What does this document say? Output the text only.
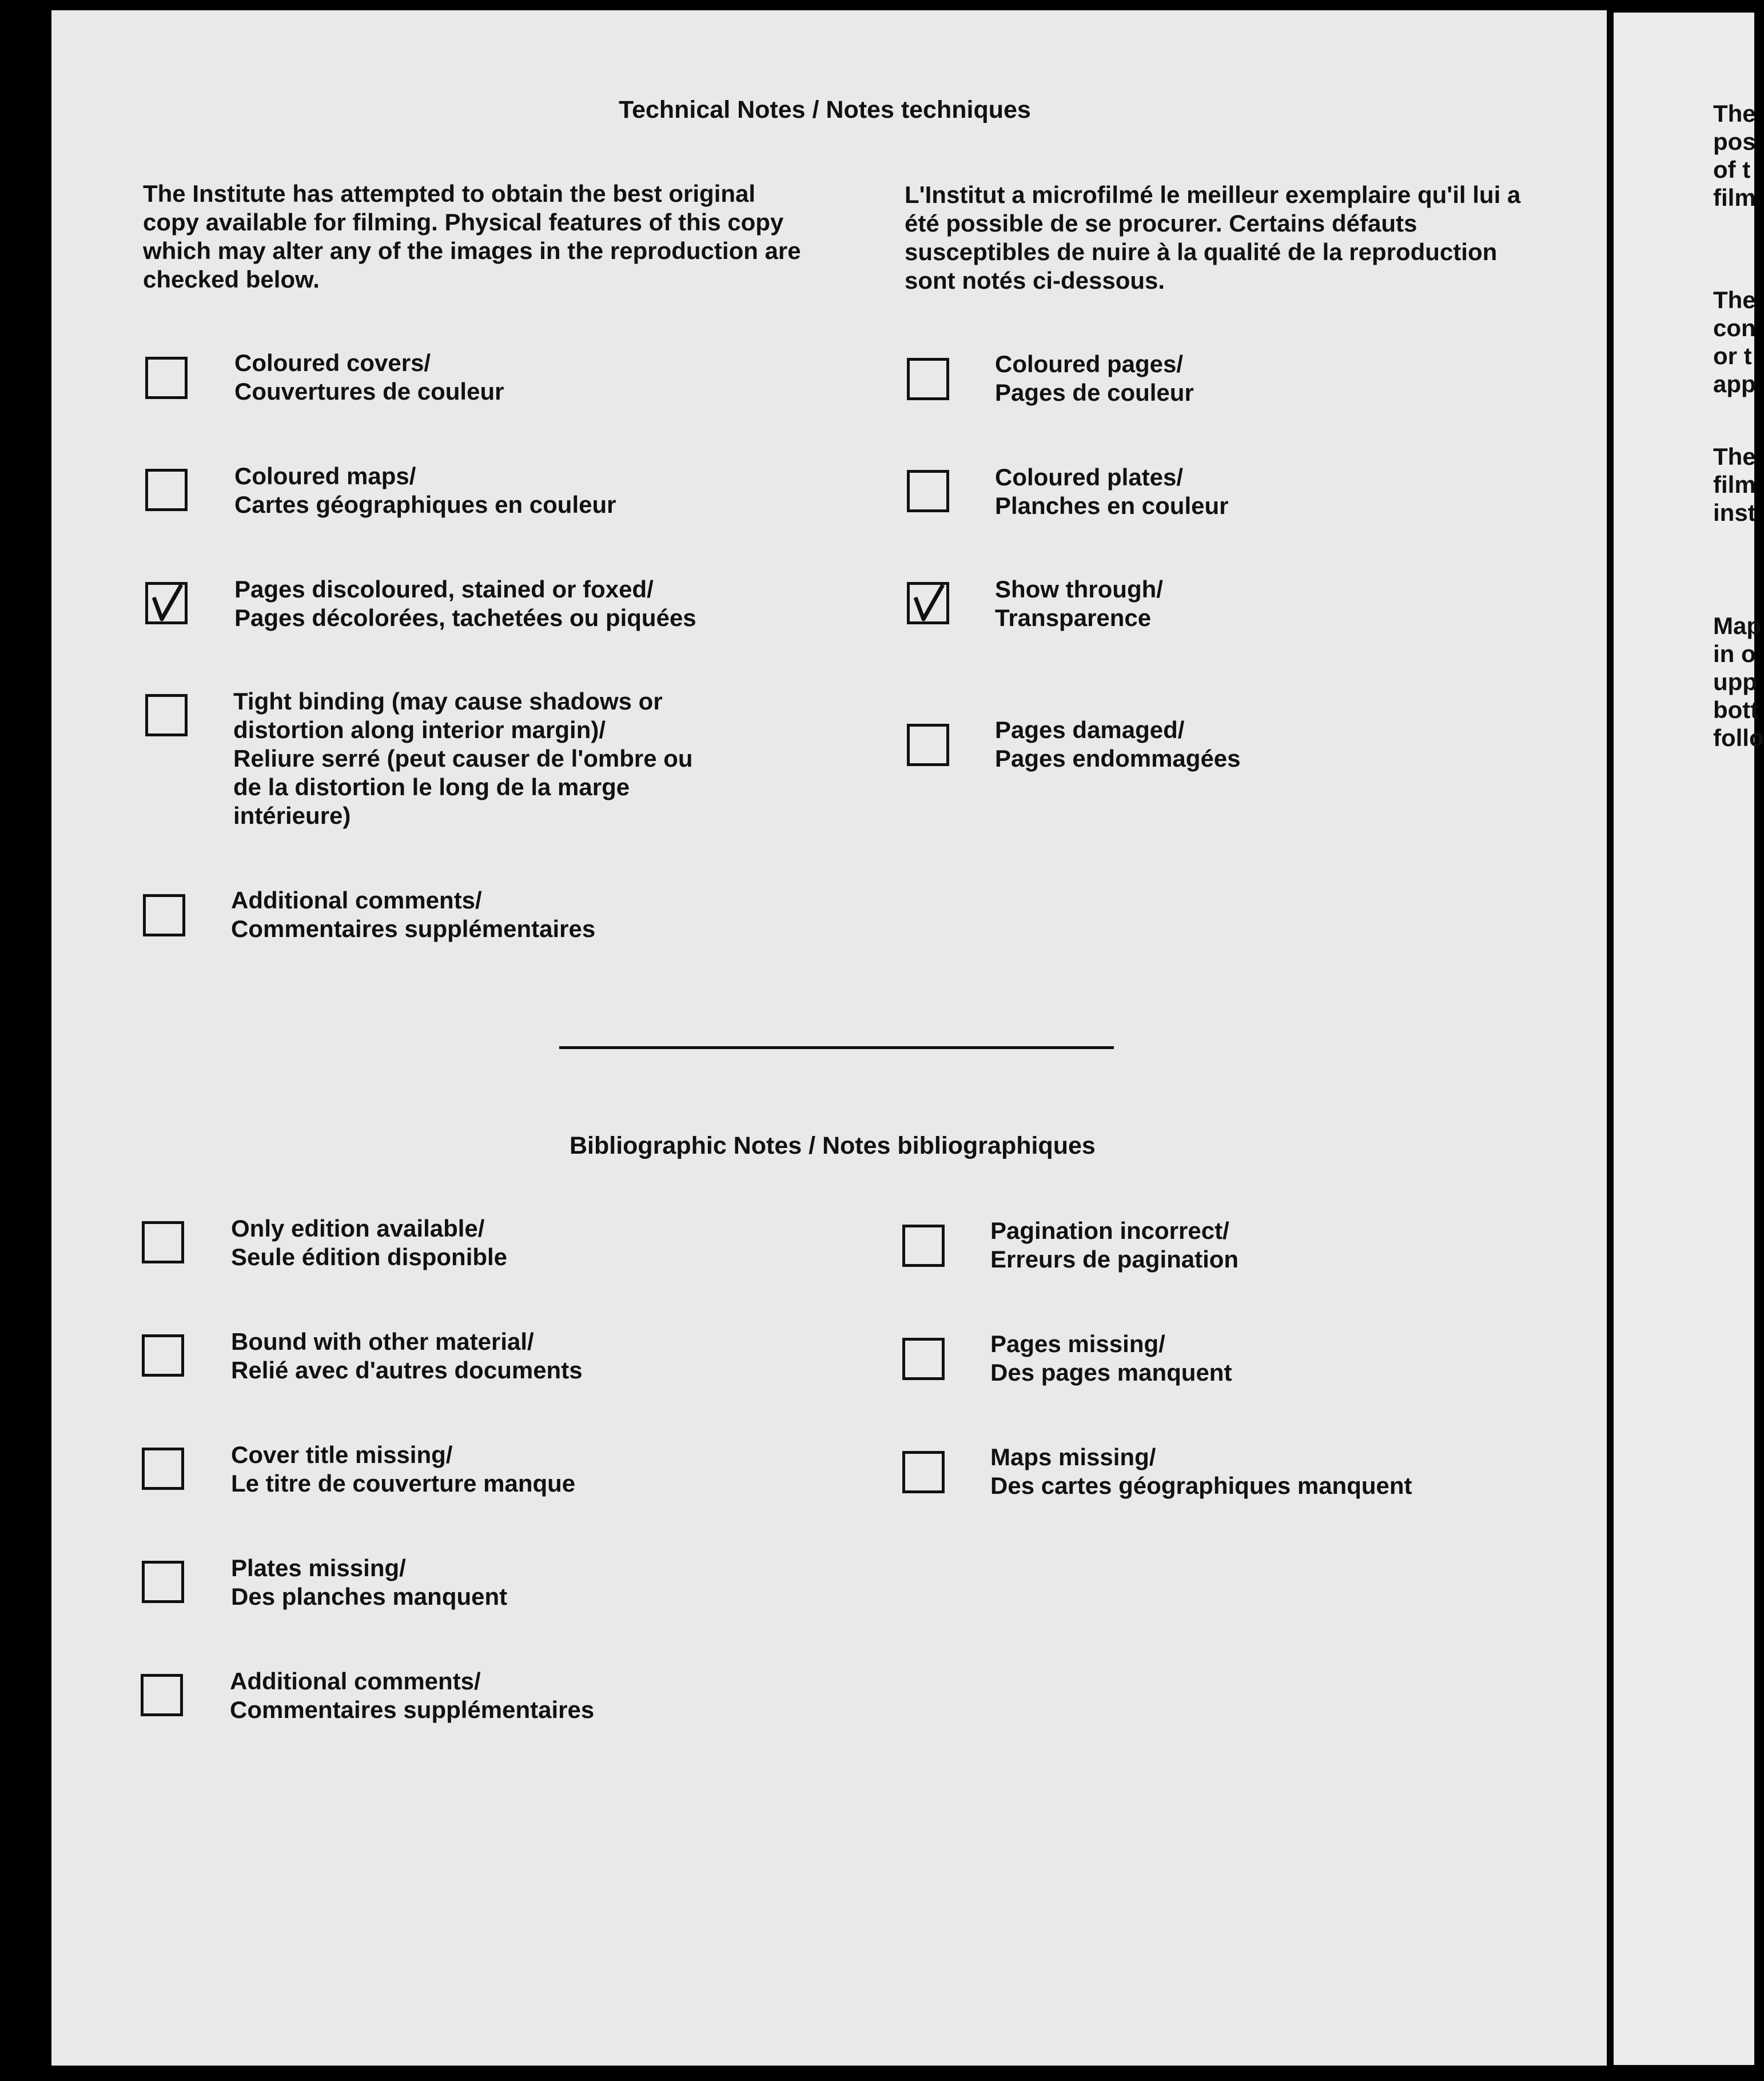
Technical Notes / Notes techniques

The Institute has attempted to obtain the best original copy available for filming. Physical features of this copy which may alter any of the images in the reproduction are checked below.

L'Institut a microfilmé le meilleur exemplaire qu'il lui a été possible de se procurer. Certains défauts susceptibles de nuire à la qualité de la reproduction sont notés ci-dessous.

Coloured covers/
Couvertures de couleur
Coloured maps/
Cartes géographiques en couleur
Pages discoloured, stained or foxed/
Pages décolorées, tachetées ou piquées
Tight binding (may cause shadows or
distortion along interior margin)/
Reliure serré (peut causer de l'ombre ou
de la distortion le long de la marge
intérieure)
Additional comments/
Commentaires supplémentaires
Coloured pages/
Pages de couleur
Coloured plates/
Planches en couleur
Show through/
Transparence
Pages damaged/
Pages endommagées
Bibliographic Notes / Notes bibliographiques
Only edition available/
Seule édition disponible
Bound with other material/
Relié avec d'autres documents
Cover title missing/
Le titre de couverture manque
Plates missing/
Des planches manquent
Additional comments/
Commentaires supplémentaires
Pagination incorrect/
Erreurs de pagination
Pages missing/
Des pages manquent
Maps missing/
Des cartes géographiques manquent
The
pos
of t
film
The
con
or t
app
The
film
inst
Map
in o
upp
bott
follo
